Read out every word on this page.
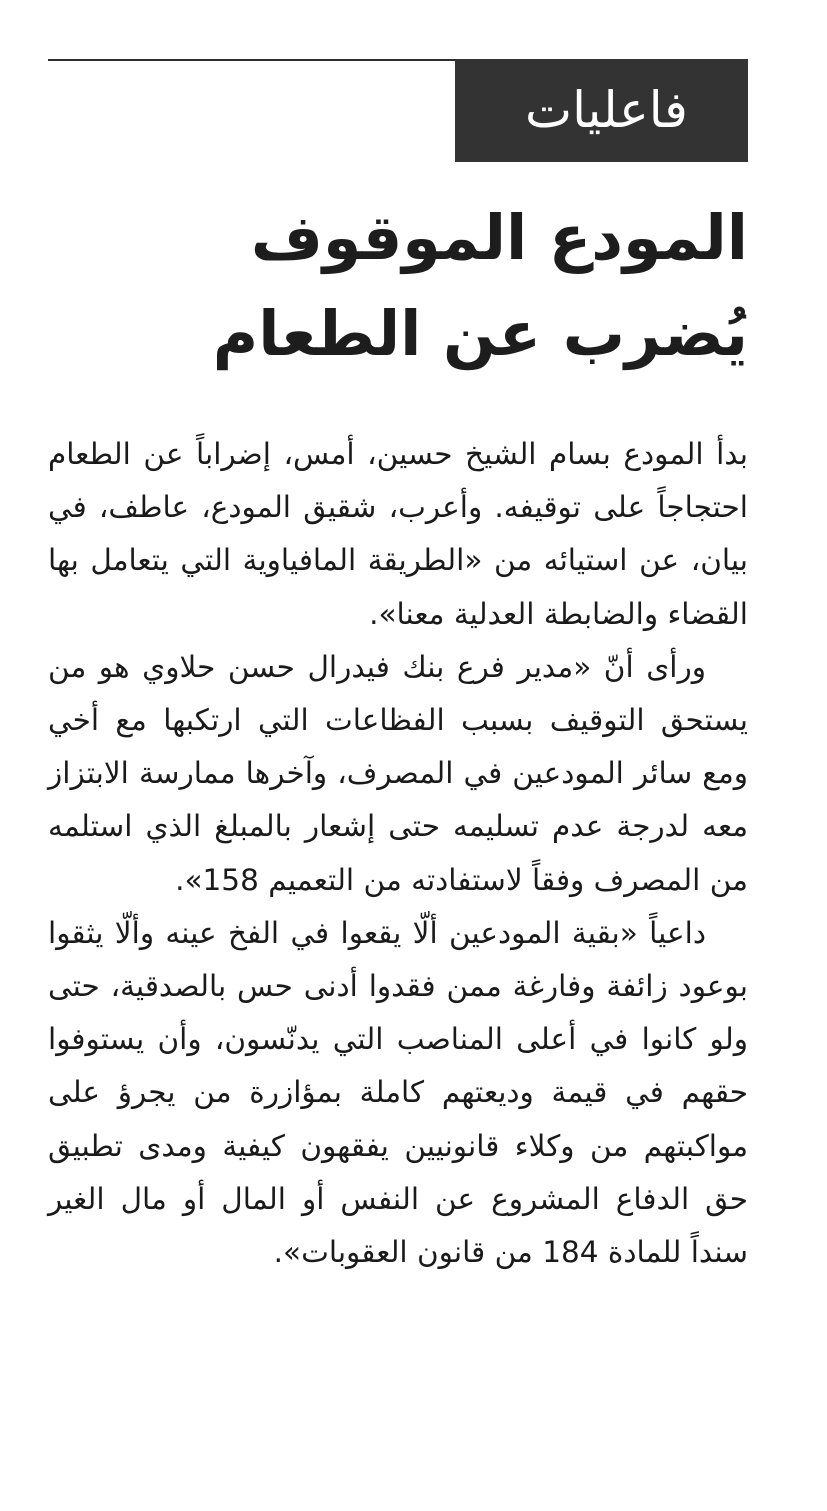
فاعليات
المودع الموقوف يُضرب عن الطعام

بدأ المودع بسام الشيخ حسين، أمس، إضراباً عن الطعام احتجاجاً على توقيفه. وأعرب، شقيق المودع، عاطف، في بيان، عن استيائه من «الطريقة المافياوية التي يتعامل بها القضاء والضابطة العدلية معنا».

ورأى أنّ «مدير فرع بنك فيدرال حسن حلاوي هو من يستحق التوقيف بسبب الفظاعات التي ارتكبها مع أخي ومع سائر المودعين في المصرف، وآخرها ممارسة الابتزاز معه لدرجة عدم تسليمه حتى إشعار بالمبلغ الذي استلمه من المصرف وفقاً لاستفادته من التعميم 158».

داعياً «بقية المودعين ألّا يقعوا في الفخ عينه وألّا يثقوا بوعود زائفة وفارغة ممن فقدوا أدنى حس بالصدقية، حتى ولو كانوا في أعلى المناصب التي يدنّسون، وأن يستوفوا حقهم في قيمة وديعتهم كاملة بمؤازرة من يجرؤ على مواكبتهم من وكلاء قانونيين يفقهون كيفية ومدى تطبيق حق الدفاع المشروع عن النفس أو المال أو مال الغير سنداً للمادة 184 من قانون العقوبات».
